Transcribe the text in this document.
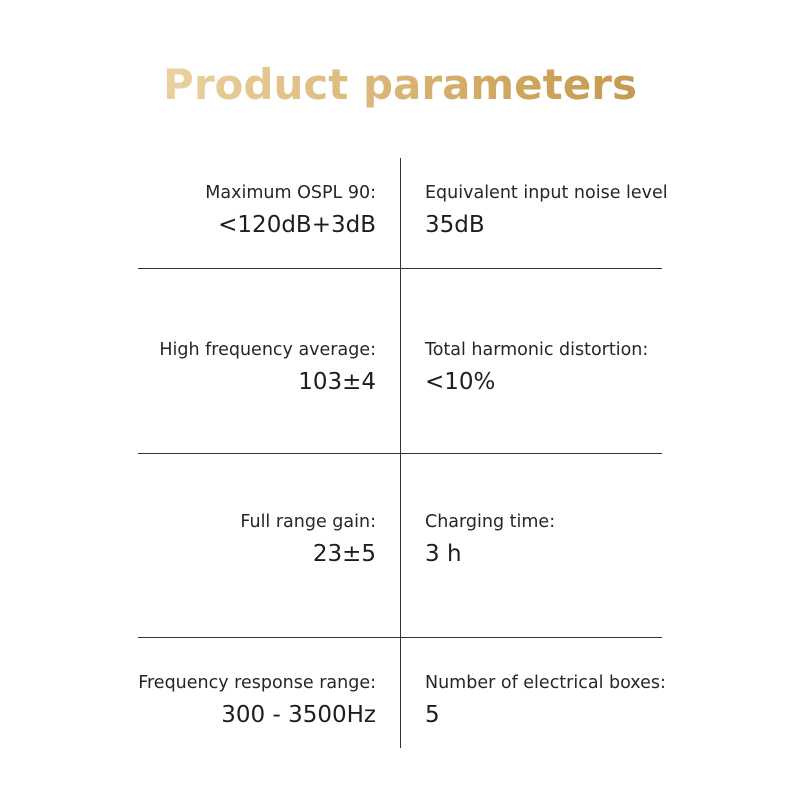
Product parameters
Maximum OSPL 90:
<120dB+3dB
Equivalent input noise level
35dB
High frequency average:
103±4
Total harmonic distortion:
<10%
Full range gain:
23±5
Charging time:
3 h
Frequency response range:
300 - 3500Hz
Number of electrical boxes:
5
